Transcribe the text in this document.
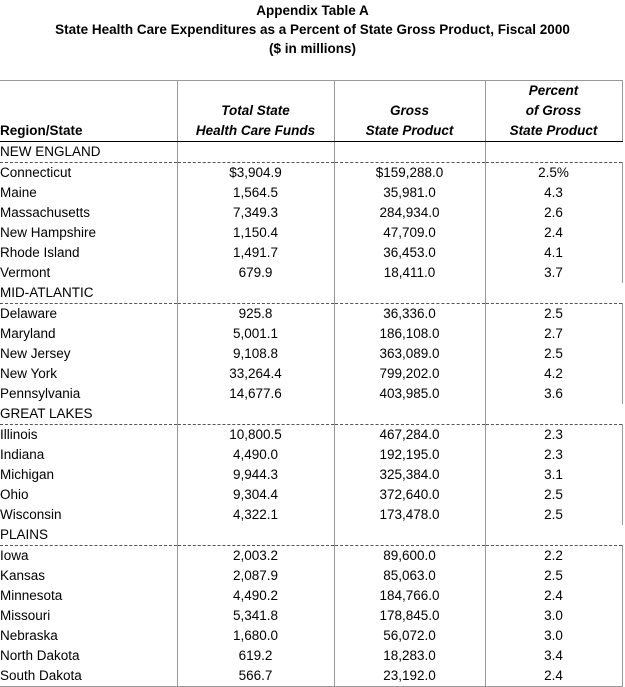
Appendix Table A
State Health Care Expenditures as a Percent of State Gross Product, Fiscal 2000
($ in millions)
			Percent
	Total State	Gross	of Gross
Region/State	Health Care Funds	State Product	State Product
NEW ENGLAND			
Connecticut	$3,904.9	$159,288.0	2.5%
Maine	1,564.5	35,981.0	4.3
Massachusetts	7,349.3	284,934.0	2.6
New Hampshire	1,150.4	47,709.0	2.4
Rhode Island	1,491.7	36,453.0	4.1
Vermont	679.9	18,411.0	3.7
MID-ATLANTIC			
Delaware	925.8	36,336.0	2.5
Maryland	5,001.1	186,108.0	2.7
New Jersey	9,108.8	363,089.0	2.5
New York	33,264.4	799,202.0	4.2
Pennsylvania	14,677.6	403,985.0	3.6
GREAT LAKES			
Illinois	10,800.5	467,284.0	2.3
Indiana	4,490.0	192,195.0	2.3
Michigan	9,944.3	325,384.0	3.1
Ohio	9,304.4	372,640.0	2.5
Wisconsin	4,322.1	173,478.0	2.5
PLAINS			
Iowa	2,003.2	89,600.0	2.2
Kansas	2,087.9	85,063.0	2.5
Minnesota	4,490.2	184,766.0	2.4
Missouri	5,341.8	178,845.0	3.0
Nebraska	1,680.0	56,072.0	3.0
North Dakota	619.2	18,283.0	3.4
South Dakota	566.7	23,192.0	2.4
